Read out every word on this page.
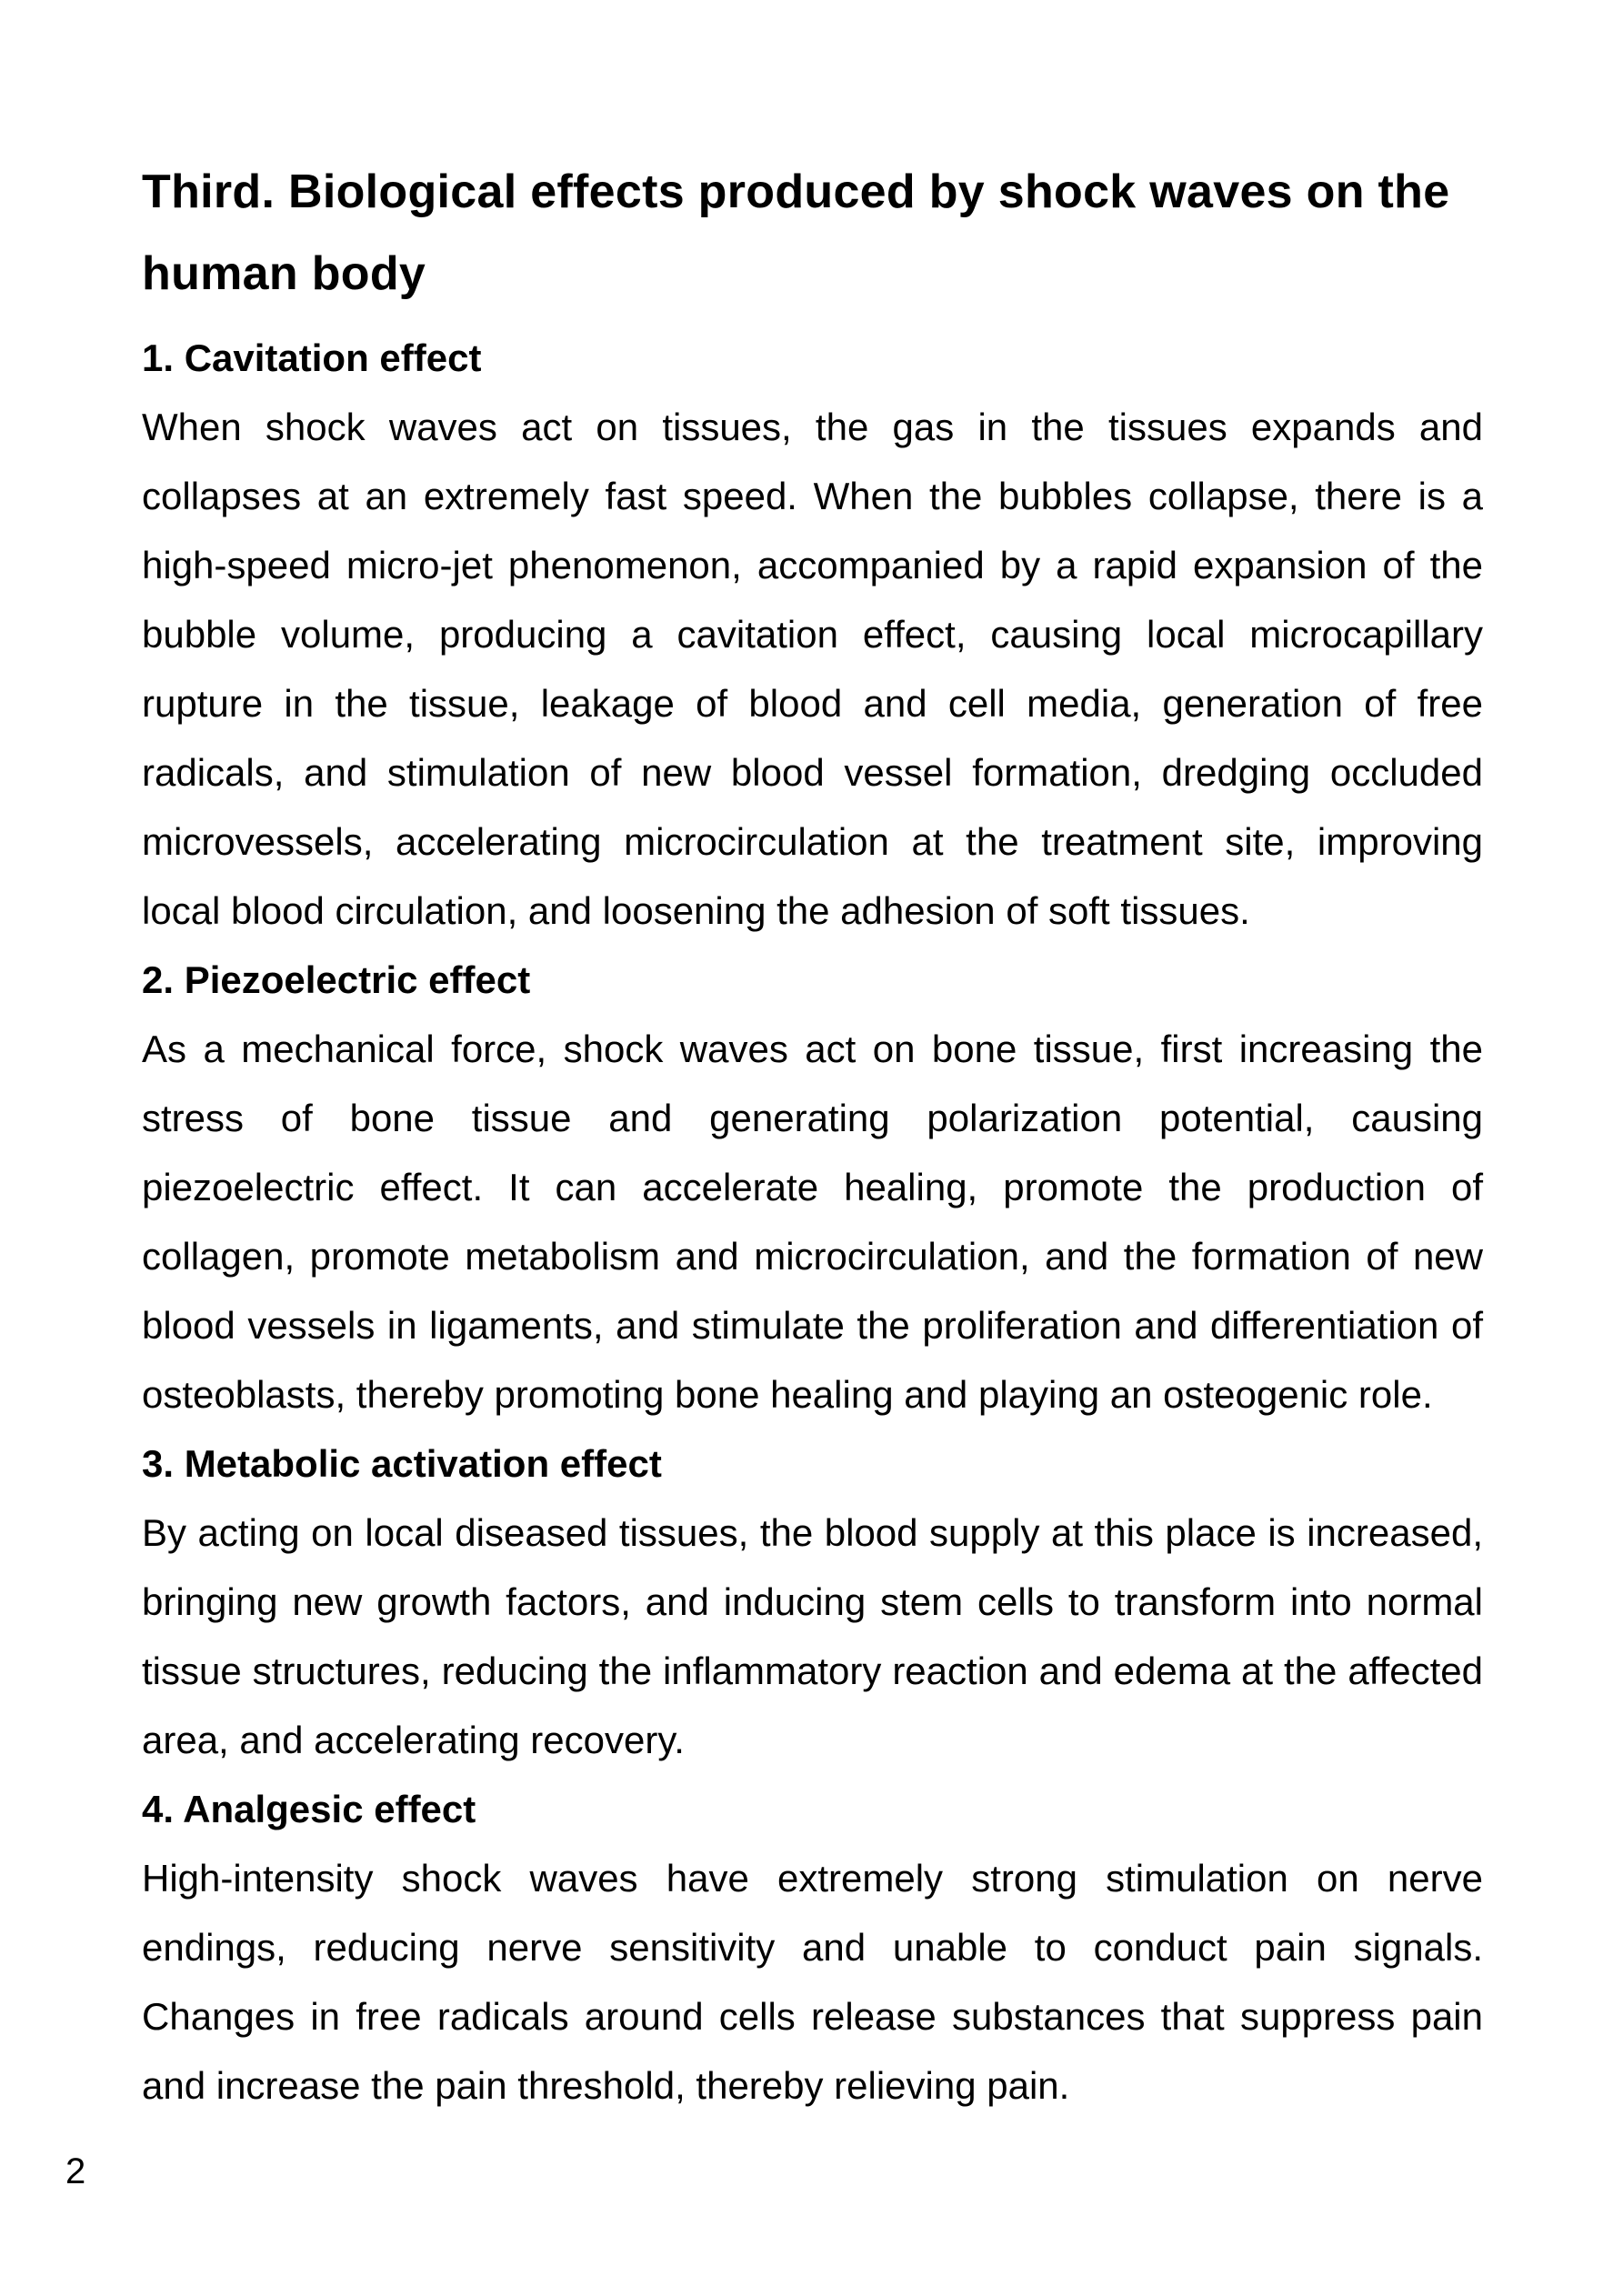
Third. Biological effects produced by shock waves on the human body
1. Cavitation effect

When shock waves act on tissues, the gas in the tissues expands and collapses at an extremely fast speed. When the bubbles collapse, there is a high-speed micro-jet phenomenon, accompanied by a rapid expansion of the bubble volume, producing a cavitation effect, causing local microcapillary rupture in the tissue, leakage of blood and cell media, generation of free radicals, and stimulation of new blood vessel formation, dredging occluded microvessels, accelerating microcirculation at the treatment site, improving local blood circulation, and loosening the adhesion of soft tissues.

2. Piezoelectric effect

As a mechanical force, shock waves act on bone tissue, first increasing the stress of bone tissue and generating polarization potential, causing piezoelectric effect. It can accelerate healing, promote the production of collagen, promote metabolism and microcirculation, and the formation of new blood vessels in ligaments, and stimulate the proliferation and differentiation of osteoblasts, thereby promoting bone healing and playing an osteogenic role.

3. Metabolic activation effect

By acting on local diseased tissues, the blood supply at this place is increased, bringing new growth factors, and inducing stem cells to transform into normal tissue structures, reducing the inflammatory reaction and edema at the affected area, and accelerating recovery.

4. Analgesic effect

High-intensity shock waves have extremely strong stimulation on nerve endings, reducing nerve sensitivity and unable to conduct pain signals. Changes in free radicals around cells release substances that suppress pain and increase the pain threshold, thereby relieving pain.

2
